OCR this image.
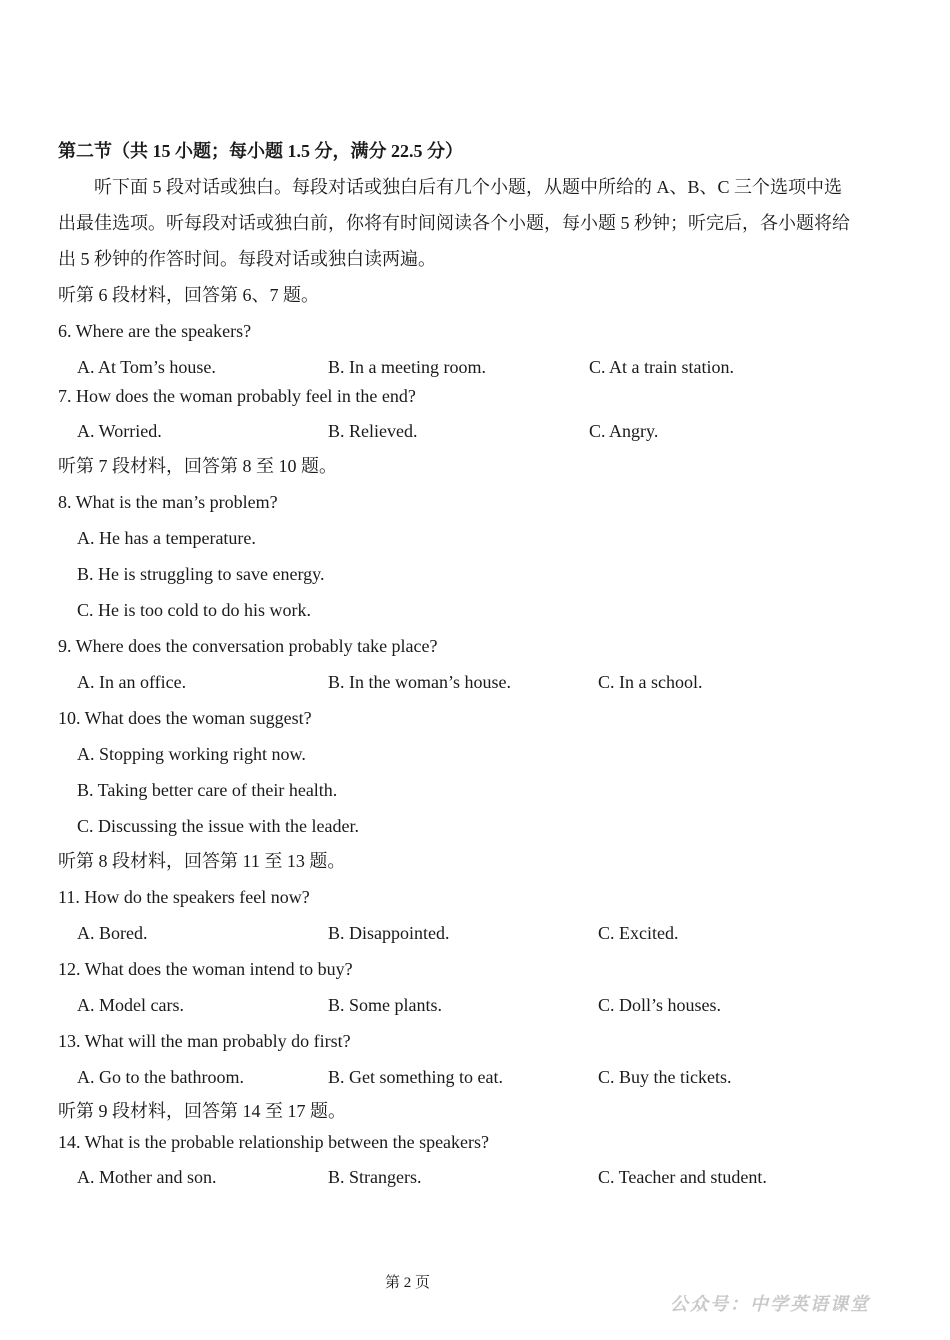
第二节（共 15 小题；每小题 1.5 分，满分 22.5 分）
听下面 5 段对话或独白。每段对话或独白后有几个小题，从题中所给的 A、B、C 三个选项中选出最佳选项。听每段对话或独白前，你将有时间阅读各个小题，每小题 5 秒钟；听完后，各小题将给出 5 秒钟的作答时间。每段对话或独白读两遍。
听第 6 段材料，回答第 6、7 题。
6. Where are the speakers?
A. At Tom’s house.	B. In a meeting room.	C. At a train station.
7. How does the woman probably feel in the end?
A. Worried.	B. Relieved.	C. Angry.
听第 7 段材料，回答第 8 至 10 题。
8. What is the man’s problem?
A. He has a temperature.
B. He is struggling to save energy.
C. He is too cold to do his work.
9. Where does the conversation probably take place?
A. In an office.	B. In the woman’s house.	C. In a school.
10. What does the woman suggest?
A. Stopping working right now.
B. Taking better care of their health.
C. Discussing the issue with the leader.
听第 8 段材料，回答第 11 至 13 题。
11. How do the speakers feel now?
A. Bored.	B. Disappointed.	C. Excited.
12. What does the woman intend to buy?
A. Model cars.	B. Some plants.	C. Doll’s houses.
13. What will the man probably do first?
A. Go to the bathroom.	B. Get something to eat.	C. Buy the tickets.
听第 9 段材料，回答第 14 至 17 题。
14. What is the probable relationship between the speakers?
A. Mother and son.	B. Strangers.	C. Teacher and student.
第 2 页
公众号：中学英语课堂
